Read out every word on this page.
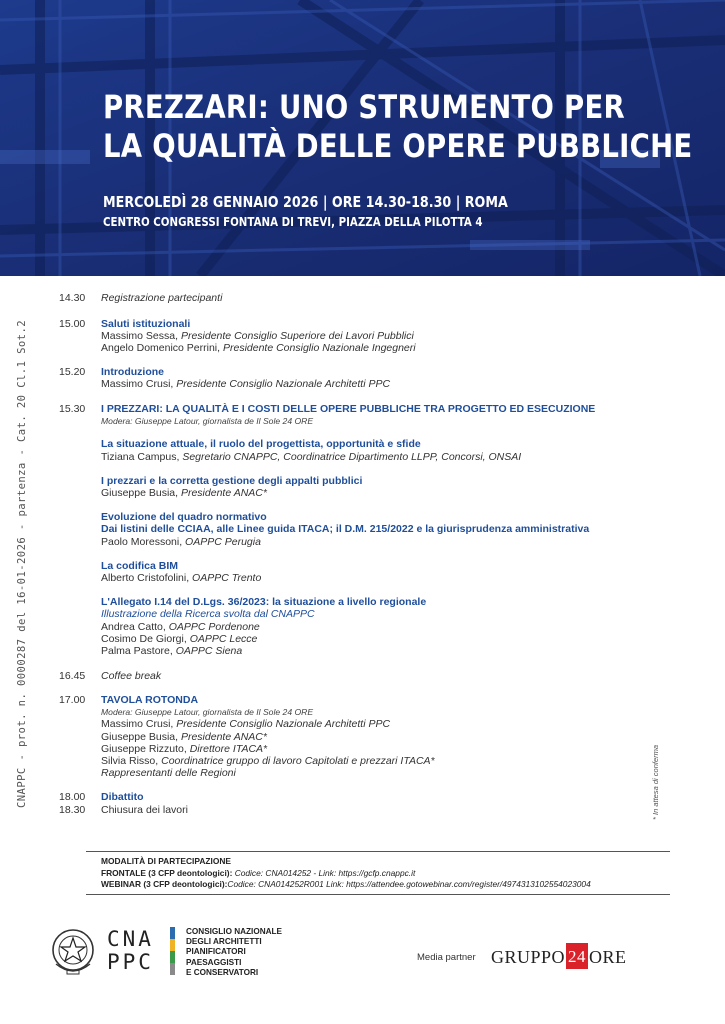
PREZZARI: UNO STRUMENTO PER
LA QUALITÀ DELLE OPERE PUBBLICHE
MERCOLEDÌ 28 GENNAIO 2026 | ORE 14.30-18.30 | ROMA
CENTRO CONGRESSI FONTANA DI TREVI, PIAZZA DELLA PILOTTA 4
CNAPPC - prot. n. 0000287 del 16-01-2026 - partenza - Cat. 20 Cl.1 Sot.2	* In attesa di conferma
14.30 Registrazione partecipanti
15.00 Saluti istituzionali
Massimo Sessa, Presidente Consiglio Superiore dei Lavori Pubblici
Angelo Domenico Perrini, Presidente Consiglio Nazionale Ingegneri
15.20 Introduzione
Massimo Crusi, Presidente Consiglio Nazionale Architetti PPC
15.30 I PREZZARI: LA QUALITÀ E I COSTI DELLE OPERE PUBBLICHE TRA PROGETTO ED ESECUZIONE
Modera: Giuseppe Latour, giornalista de Il Sole 24 ORE
La situazione attuale, il ruolo del progettista, opportunità e sfide
Tiziana Campus, Segretario CNAPPC, Coordinatrice Dipartimento LLPP, Concorsi, ONSAI
I prezzari e la corretta gestione degli appalti pubblici
Giuseppe Busia, Presidente ANAC*
Evoluzione del quadro normativo
Dai listini delle CCIAA, alle Linee guida ITACA; il D.M. 215/2022 e la giurisprudenza amministrativa
Paolo Moressoni, OAPPC Perugia
La codifica BIM
Alberto Cristofolini, OAPPC Trento
L'Allegato I.14 del D.Lgs. 36/2023: la situazione a livello regionale
Illustrazione della Ricerca svolta dal CNAPPC
Andrea Catto, OAPPC Pordenone
Cosimo De Giorgi, OAPPC Lecce
Palma Pastore, OAPPC Siena
16.45 Coffee break
17.00 TAVOLA ROTONDA
Modera: Giuseppe Latour, giornalista de Il Sole 24 ORE
Massimo Crusi, Presidente Consiglio Nazionale Architetti PPC
Giuseppe Busia, Presidente ANAC*
Giuseppe Rizzuto, Direttore ITACA*
Silvia Risso, Coordinatrice gruppo di lavoro Capitolati e prezzari ITACA*
Rappresentanti delle Regioni
18.00 Dibattito
18.30 Chiusura dei lavori
MODALITÀ DI PARTECIPAZIONE
FRONTALE (3 CFP deontologici): Codice: CNA014252 - Link: https://gcfp.cnappc.it
WEBINAR (3 CFP deontologici):Codice: CNA014252R001 Link: https://attendee.gotowebinar.com/register/4974313102554023004
CNA
PPC
CONSIGLIO NAZIONALE
DEGLI ARCHITETTI
PIANIFICATORI
PAESAGGISTI
E CONSERVATORI
Media partner GRUPPO 24 ORE
